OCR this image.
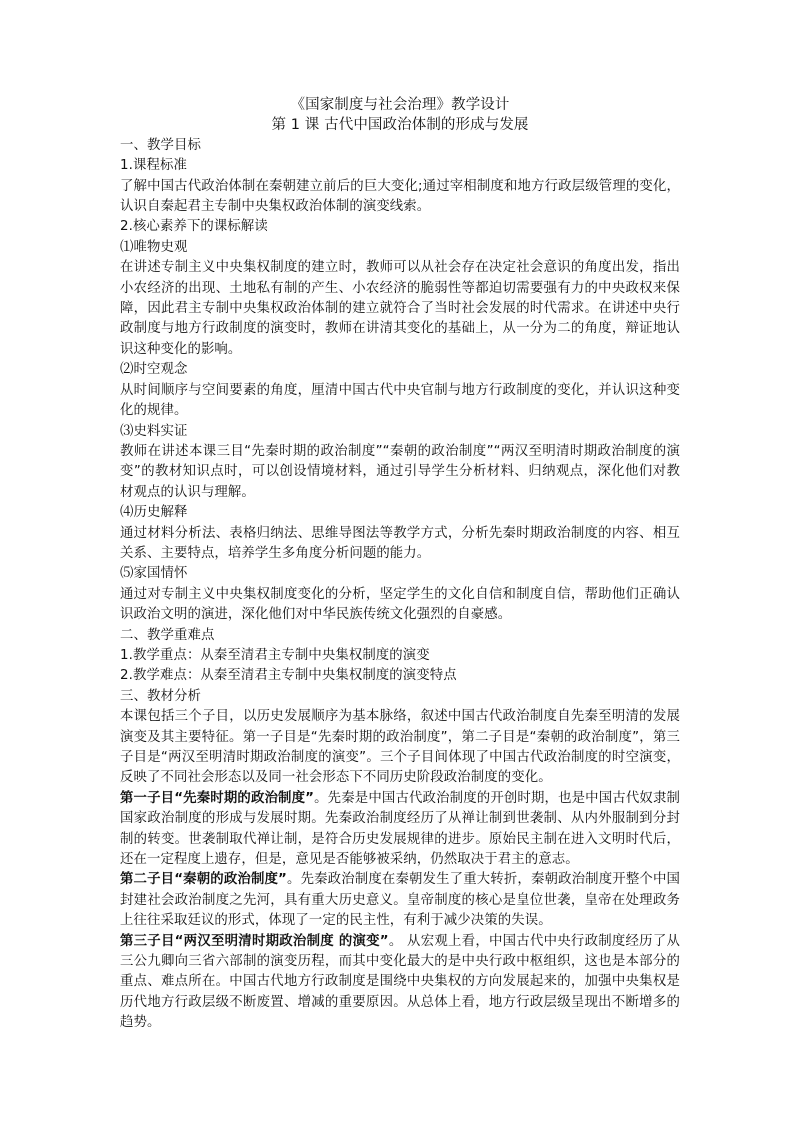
《国家制度与社会治理》教学设计

第 1 课 古代中国政治体制的形成与发展

一、教学目标

1.课程标准

了解中国古代政治体制在秦朝建立前后的巨大变化;通过宰相制度和地方行政层级管理的变化，认识自秦起君主专制中央集权政治体制的演变线索。

2.核心素养下的课标解读

⑴唯物史观

在讲述专制主义中央集权制度的建立时，教师可以从社会存在决定社会意识的角度出发，指出小农经济的出现、土地私有制的产生、小农经济的脆弱性等都迫切需要强有力的中央政权来保障，因此君主专制中央集权政治体制的建立就符合了当时社会发展的时代需求。在讲述中央行政制度与地方行政制度的演变时，教师在讲清其变化的基础上，从一分为二的角度，辩证地认识这种变化的影响。

⑵时空观念

从时间顺序与空间要素的角度，厘清中国古代中央官制与地方行政制度的变化，并认识这种变化的规律。

⑶史料实证

教师在讲述本课三目“先秦时期的政治制度”“秦朝的政治制度”“两汉至明清时期政治制度的演变”的教材知识点时，可以创设情境材料，通过引导学生分析材料、归纳观点，深化他们对教材观点的认识与理解。

⑷历史解释

通过材料分析法、表格归纳法、思维导图法等教学方式，分析先秦时期政治制度的内容、相互关系、主要特点，培养学生多角度分析问题的能力。

⑸家国情怀

通过对专制主义中央集权制度变化的分析，坚定学生的文化自信和制度自信，帮助他们正确认识政治文明的演进，深化他们对中华民族传统文化强烈的自豪感。

二、教学重难点

1.教学重点：从秦至清君主专制中央集权制度的演变

2.教学难点：从秦至清君主专制中央集权制度的演变特点

三、教材分析

本课包括三个子目，以历史发展顺序为基本脉络，叙述中国古代政治制度自先秦至明清的发展演变及其主要特征。第一子目是“先秦时期的政治制度”，第二子目是“秦朝的政治制度”，第三子目是“两汉至明清时期政治制度的演变”。三个子目间体现了中国古代政治制度的时空演变，反映了不同社会形态以及同一社会形态下不同历史阶段政治制度的变化。

第一子目“先秦时期的政治制度”。先秦是中国古代政治制度的开创时期，也是中国古代奴隶制国家政治制度的形成与发展时期。先秦政治制度经历了从禅让制到世袭制、从内外服制到分封制的转变。世袭制取代禅让制，是符合历史发展规律的进步。原始民主制在进入文明时代后，还在一定程度上遗存，但是，意见是否能够被采纳，仍然取决于君主的意志。

第二子目“秦朝的政治制度”。先秦政治制度在秦朝发生了重大转折，秦朝政治制度开整个中国封建社会政治制度之先河，具有重大历史意义。皇帝制度的核心是皇位世袭，皇帝在处理政务上往往采取廷议的形式，体现了一定的民主性，有利于减少决策的失误。

第三子目“两汉至明清时期政治制度 的演变”。 从宏观上看，中国古代中央行政制度经历了从三公九卿向三省六部制的演变历程，而其中变化最大的是中央行政中枢组织，这也是本部分的重点、难点所在。中国古代地方行政制度是围绕中央集权的方向发展起来的，加强中央集权是历代地方行政层级不断废置、增减的重要原因。从总体上看，地方行政层级呈现出不断增多的趋势。
